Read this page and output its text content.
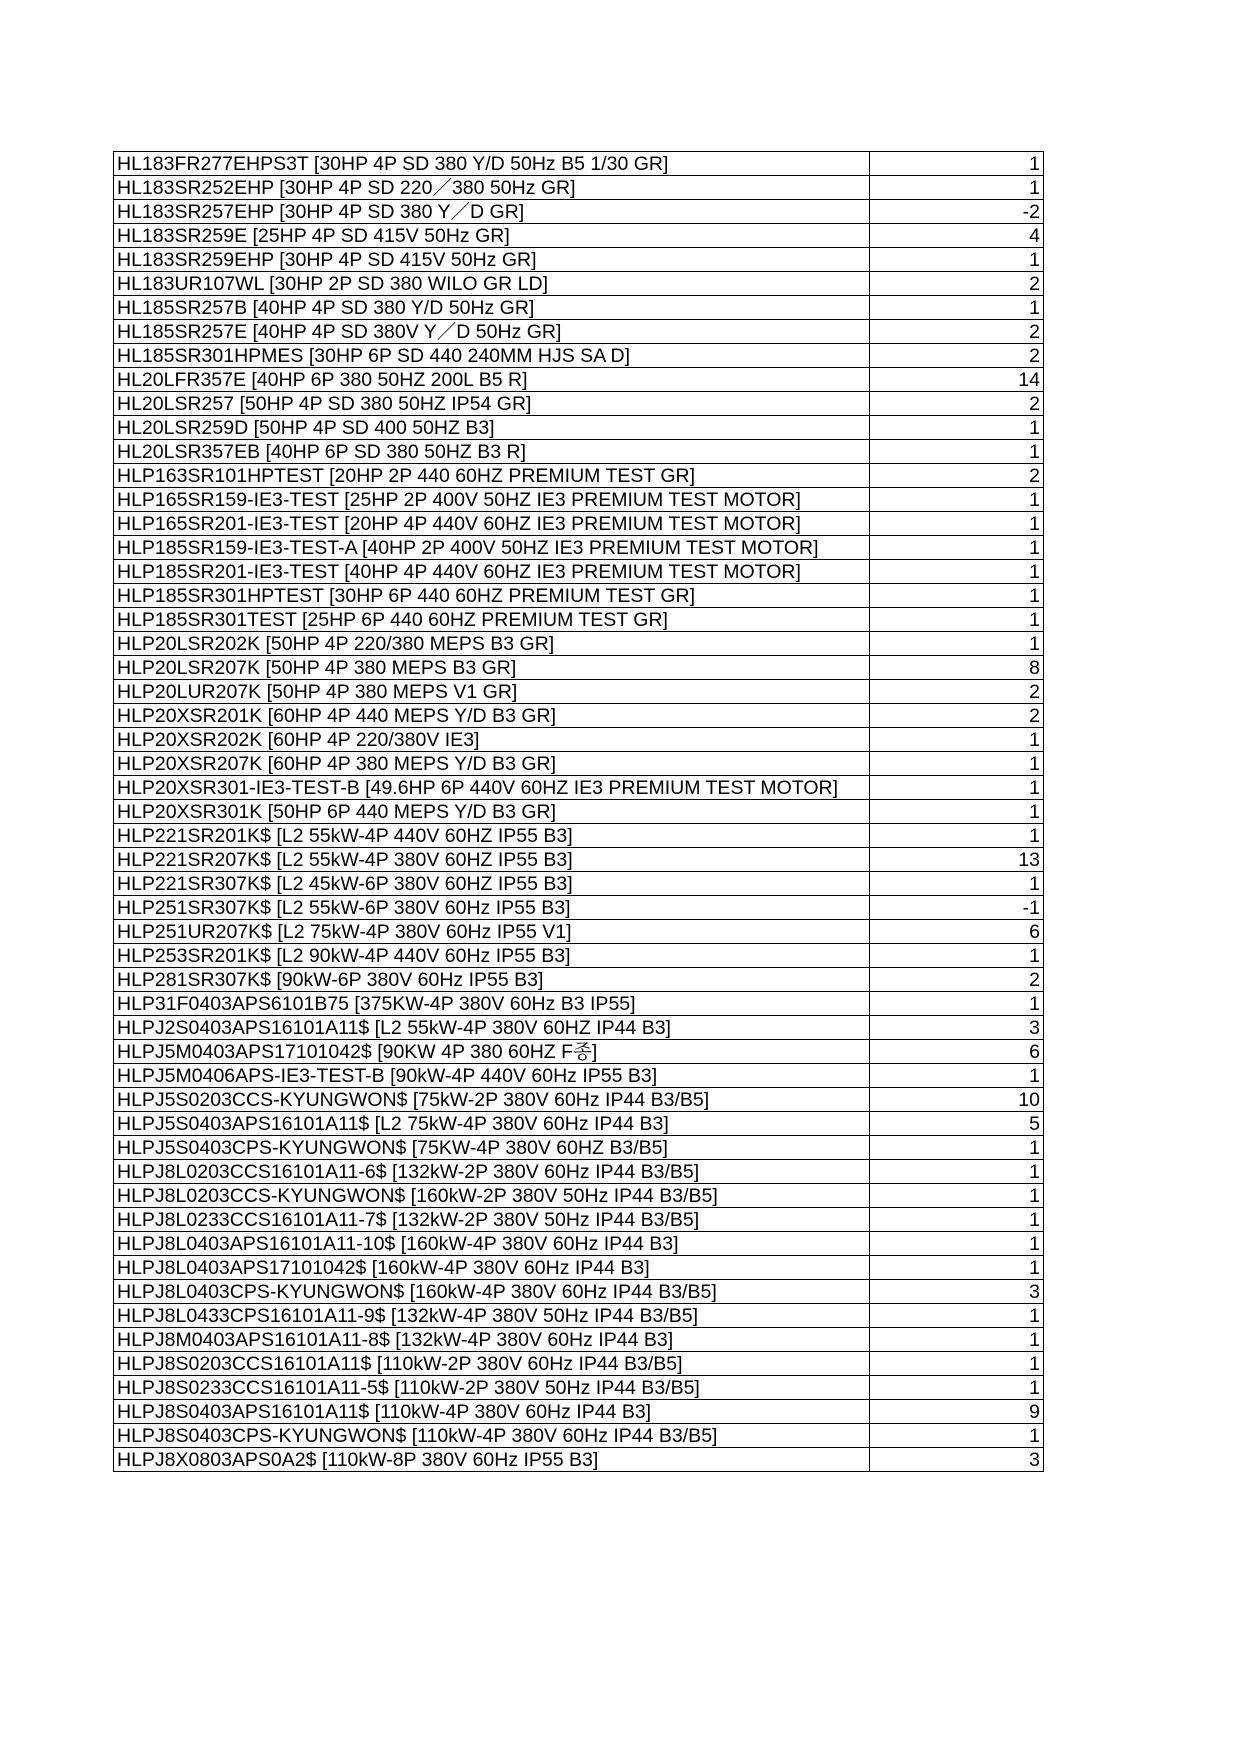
HL183FR277EHPS3T [30HP 4P SD 380 Y/D 50Hz B5 1/30 GR]	1
HL183SR252EHP [30HP 4P SD 220／380 50Hz GR]	1
HL183SR257EHP [30HP 4P SD 380 Y／D GR]	-2
HL183SR259E [25HP 4P SD 415V 50Hz GR]	4
HL183SR259EHP [30HP 4P SD 415V 50Hz GR]	1
HL183UR107WL [30HP 2P SD 380 WILO GR LD]	2
HL185SR257B [40HP 4P SD 380 Y/D 50Hz GR]	1
HL185SR257E [40HP 4P SD 380V Y／D 50Hz GR]	2
HL185SR301HPMES [30HP 6P SD 440 240MM HJS SA D]	2
HL20LFR357E [40HP 6P 380 50HZ 200L B5 R]	14
HL20LSR257 [50HP 4P SD 380 50HZ IP54 GR]	2
HL20LSR259D [50HP 4P SD 400 50HZ B3]	1
HL20LSR357EB [40HP 6P SD 380 50HZ B3 R]	1
HLP163SR101HPTEST [20HP 2P 440 60HZ PREMIUM TEST GR]	2
HLP165SR159-IE3-TEST [25HP 2P 400V 50HZ IE3 PREMIUM TEST MOTOR]	1
HLP165SR201-IE3-TEST [20HP 4P 440V 60HZ IE3 PREMIUM TEST MOTOR]	1
HLP185SR159-IE3-TEST-A [40HP 2P 400V 50HZ IE3 PREMIUM TEST MOTOR]	1
HLP185SR201-IE3-TEST [40HP 4P 440V 60HZ IE3 PREMIUM TEST MOTOR]	1
HLP185SR301HPTEST [30HP 6P 440 60HZ PREMIUM TEST GR]	1
HLP185SR301TEST [25HP 6P 440 60HZ PREMIUM TEST GR]	1
HLP20LSR202K [50HP 4P 220/380 MEPS B3 GR]	1
HLP20LSR207K [50HP 4P 380 MEPS B3 GR]	8
HLP20LUR207K [50HP 4P 380 MEPS V1 GR]	2
HLP20XSR201K [60HP 4P 440 MEPS Y/D B3 GR]	2
HLP20XSR202K [60HP 4P 220/380V IE3]	1
HLP20XSR207K [60HP 4P 380 MEPS Y/D B3 GR]	1
HLP20XSR301-IE3-TEST-B [49.6HP 6P 440V 60HZ IE3 PREMIUM TEST MOTOR]	1
HLP20XSR301K [50HP 6P 440 MEPS Y/D B3 GR]	1
HLP221SR201K$ [L2 55kW-4P 440V 60HZ IP55 B3]	1
HLP221SR207K$ [L2 55kW-4P 380V 60HZ IP55 B3]	13
HLP221SR307K$ [L2 45kW-6P 380V 60HZ IP55 B3]	1
HLP251SR307K$ [L2 55kW-6P 380V 60Hz IP55 B3]	-1
HLP251UR207K$ [L2 75kW-4P 380V 60Hz IP55 V1]	6
HLP253SR201K$ [L2 90kW-4P 440V 60Hz IP55 B3]	1
HLP281SR307K$ [90kW-6P 380V 60Hz IP55 B3]	2
HLP31F0403APS6101B75 [375KW-4P 380V 60Hz B3 IP55]	1
HLPJ2S0403APS16101A11$ [L2 55kW-4P 380V 60HZ IP44 B3]	3
HLPJ5M0403APS17101042$ [90KW 4P 380 60HZ F종]	6
HLPJ5M0406APS-IE3-TEST-B [90kW-4P 440V 60Hz IP55 B3]	1
HLPJ5S0203CCS-KYUNGWON$ [75kW-2P 380V 60Hz IP44 B3/B5]	10
HLPJ5S0403APS16101A11$ [L2 75kW-4P 380V 60Hz IP44 B3]	5
HLPJ5S0403CPS-KYUNGWON$ [75KW-4P 380V 60HZ B3/B5]	1
HLPJ8L0203CCS16101A11-6$ [132kW-2P 380V 60Hz IP44 B3/B5]	1
HLPJ8L0203CCS-KYUNGWON$ [160kW-2P 380V 50Hz IP44 B3/B5]	1
HLPJ8L0233CCS16101A11-7$ [132kW-2P 380V 50Hz IP44 B3/B5]	1
HLPJ8L0403APS16101A11-10$ [160kW-4P 380V 60Hz IP44 B3]	1
HLPJ8L0403APS17101042$ [160kW-4P 380V 60Hz IP44 B3]	1
HLPJ8L0403CPS-KYUNGWON$ [160kW-4P 380V 60Hz IP44 B3/B5]	3
HLPJ8L0433CPS16101A11-9$ [132kW-4P 380V 50Hz IP44 B3/B5]	1
HLPJ8M0403APS16101A11-8$ [132kW-4P 380V 60Hz IP44 B3]	1
HLPJ8S0203CCS16101A11$ [110kW-2P 380V 60Hz IP44 B3/B5]	1
HLPJ8S0233CCS16101A11-5$ [110kW-2P 380V 50Hz IP44 B3/B5]	1
HLPJ8S0403APS16101A11$ [110kW-4P 380V 60Hz IP44 B3]	9
HLPJ8S0403CPS-KYUNGWON$ [110kW-4P 380V 60Hz IP44 B3/B5]	1
HLPJ8X0803APS0A2$ [110kW-8P 380V 60Hz IP55 B3]	3
